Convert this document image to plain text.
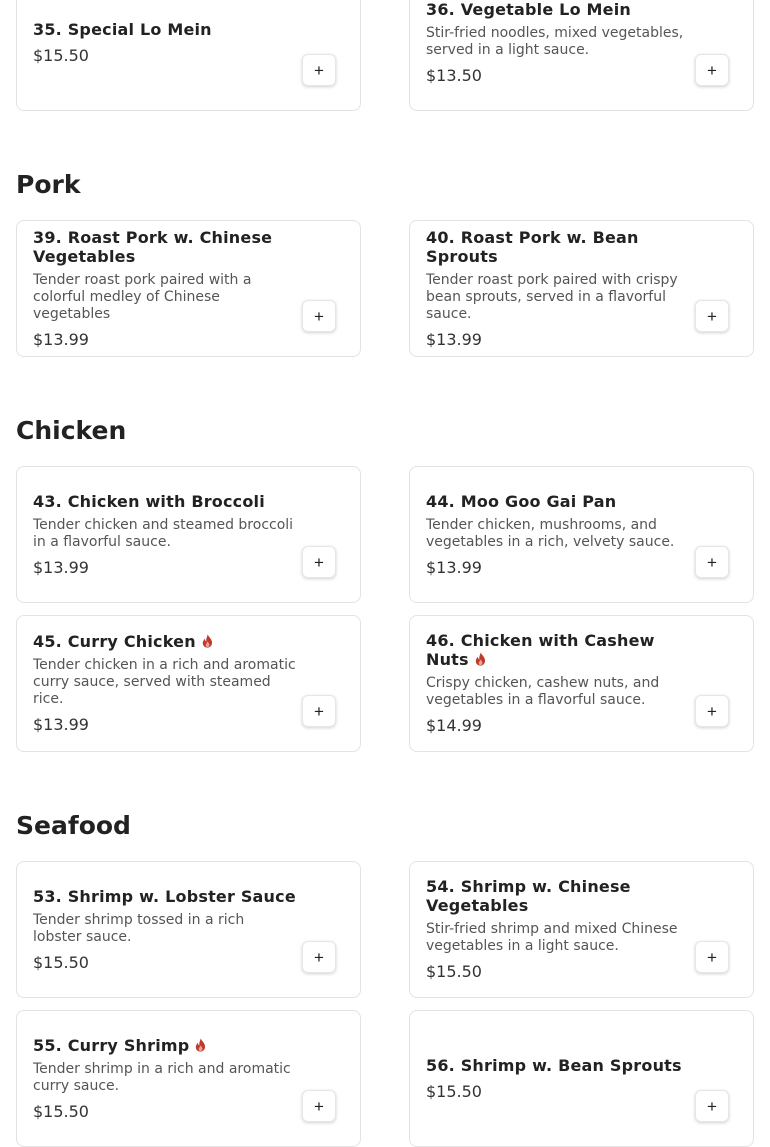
Pork
Chicken
Seafood
35. Special Lo Mein
$15.50
+
36. Vegetable Lo Mein
Stir-fried noodles, mixed vegetables, served in a light sauce.
$13.50	+
39. Roast Pork w. Chinese Vegetables
Tender roast pork paired with a colorful medley of Chinese vegetables
$13.99
+
40. Roast Pork w. Bean Sprouts
Tender roast pork paired with crispy bean sprouts, served in a flavorful sauce.
$13.99
+
43. Chicken with Broccoli
Tender chicken and steamed broccoli in a flavorful sauce.
$13.99	+
44. Moo Goo Gai Pan
Tender chicken, mushrooms, and vegetables in a rich, velvety sauce.
$13.99	+
45. Curry Chicken
Tender chicken in a rich and aromatic curry sauce, served with steamed rice.
$13.99
+
46. Chicken with Cashew Nuts
Crispy chicken, cashew nuts, and vegetables in a flavorful sauce.
$14.99
+
53. Shrimp w. Lobster Sauce
Tender shrimp tossed in a rich lobster sauce.
$15.50	+
54. Shrimp w. Chinese Vegetables
Stir-fried shrimp and mixed Chinese vegetables in a light sauce.
$15.50
+
55. Curry Shrimp
Tender shrimp in a rich and aromatic curry sauce.
$15.50	+
56. Shrimp w. Bean Sprouts
$15.50
+
